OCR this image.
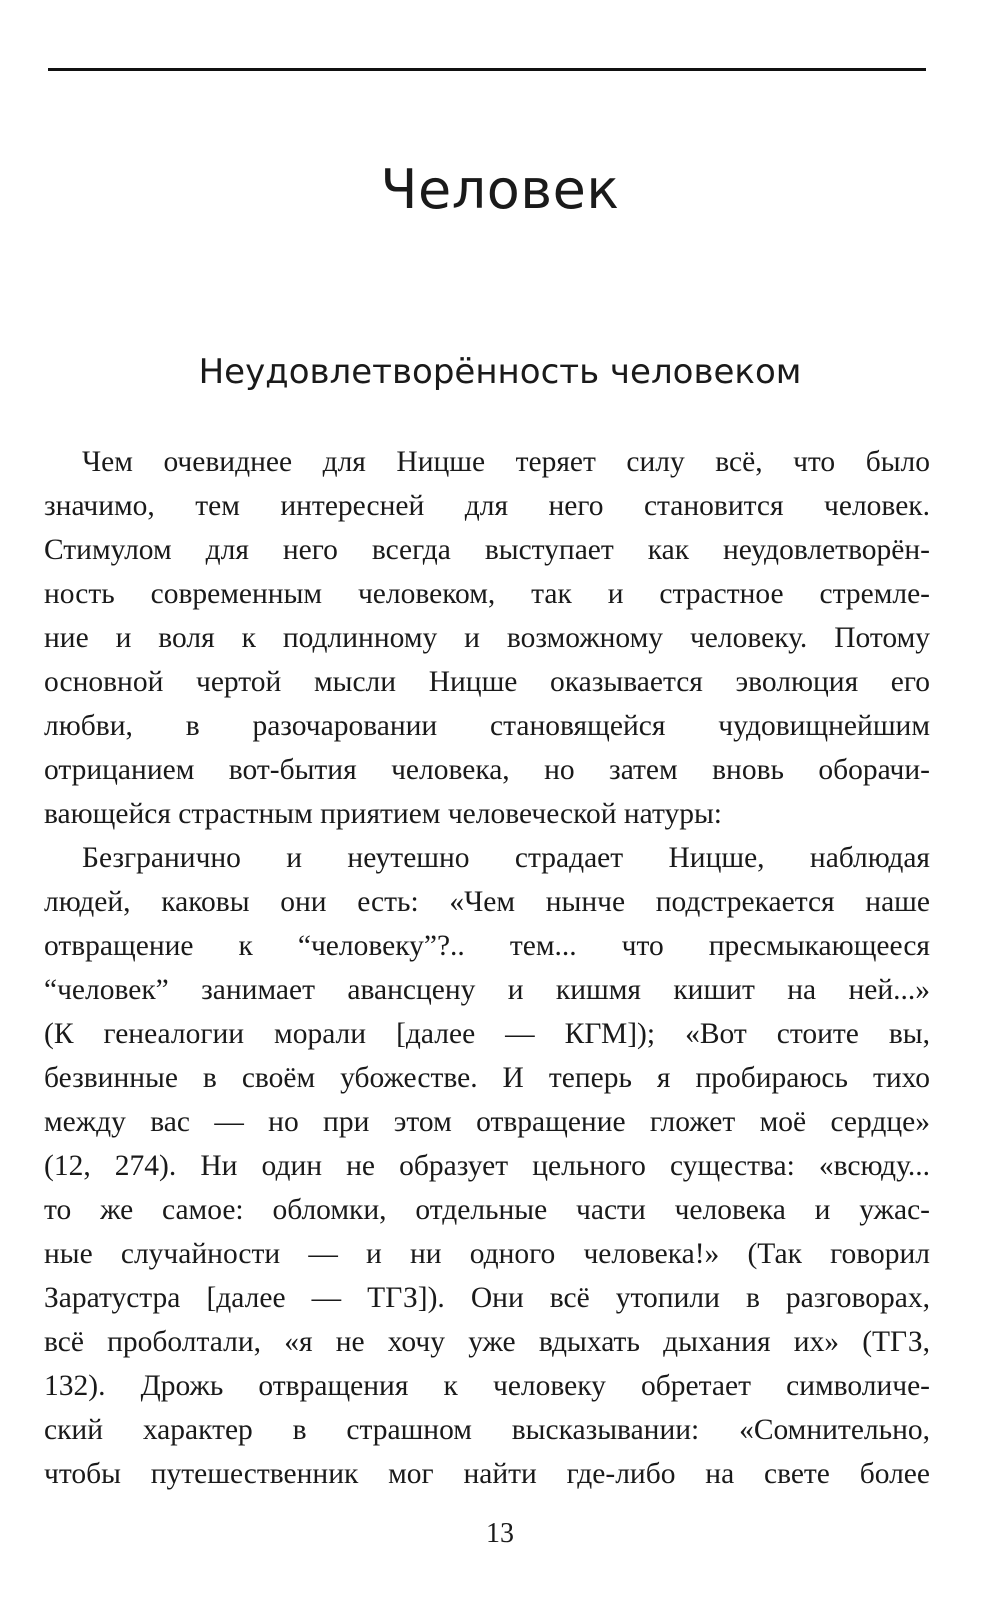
Человек
Неудовлетворённость человеком
Чем очевиднее для Ницше теряет силу всё, что было
значимо, тем интересней для него становится человек.
Стимулом для него всегда выступает как неудовлетворён-
ность современным человеком, так и страстное стремле-
ние и воля к подлинному и возможному человеку. Потому
основной чертой мысли Ницше оказывается эволюция его
любви, в разочаровании становящейся чудовищнейшим
отрицанием вот-бытия человека, но затем вновь оборачи-
вающейся страстным приятием человеческой натуры:
Безгранично и неутешно страдает Ницше, наблюдая
людей, каковы они есть: «Чем нынче подстрекается наше
отвращение к “человеку”?.. тем... что пресмыкающееся
“человек” занимает авансцену и кишмя кишит на ней...»
(К генеалогии морали [далее — КГМ]); «Вот стоите вы,
безвинные в своём убожестве. И теперь я пробираюсь тихо
между вас — но при этом отвращение гложет моё сердце»
(12, 274). Ни один не образует цельного существа: «всюду...
то же самое: обломки, отдельные части человека и ужас-
ные случайности — и ни одного человека!» (Так говорил
Заратустра [далее — ТГЗ]). Они всё утопили в разговорах,
всё проболтали, «я не хочу уже вдыхать дыхания их» (ТГЗ,
132). Дрожь отвращения к человеку обретает символиче-
ский характер в страшном высказывании: «Сомнительно,
чтобы путешественник мог найти где-либо на свете более
13
